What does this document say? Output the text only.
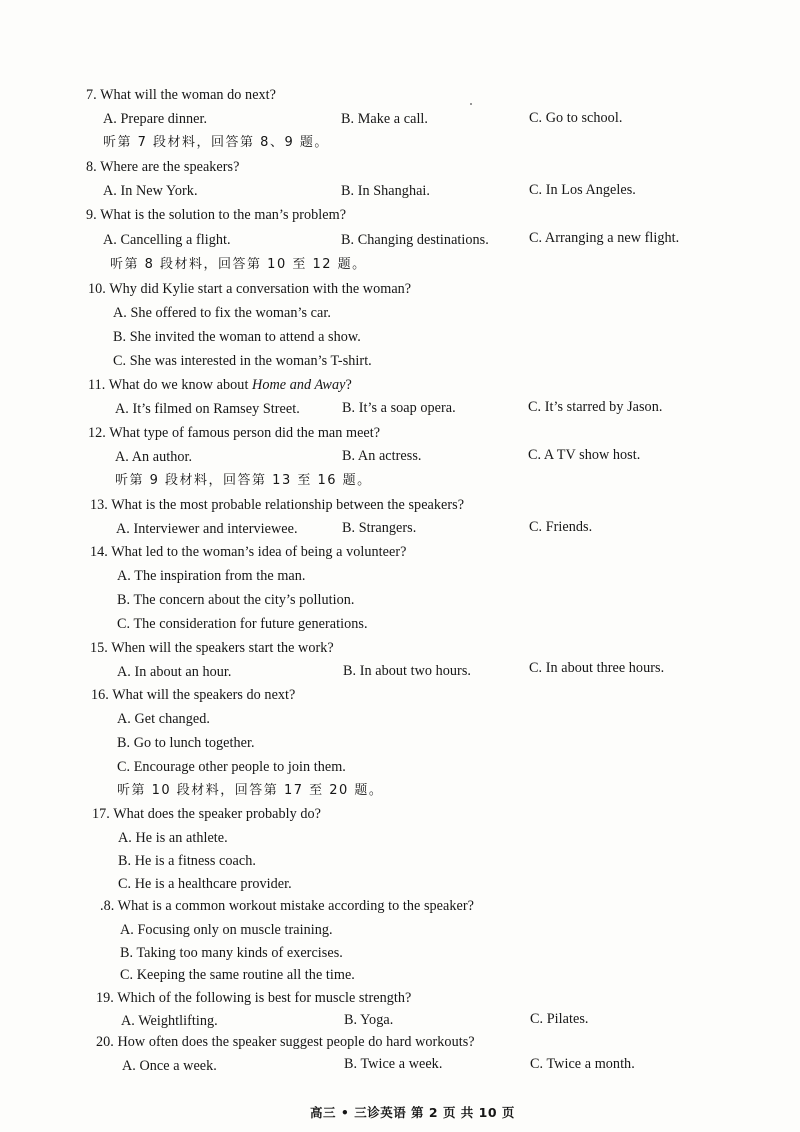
7. What will the woman do next?
A. Prepare dinner.	B. Make a call.	C. Go to school.
听第 7 段材料，回答第 8、9 题。
8. Where are the speakers?
A. In New York.	B. In Shanghai.	C. In Los Angeles.
9. What is the solution to the man’s problem?
A. Cancelling a flight.	B. Changing destinations.	C. Arranging a new flight.
听第 8 段材料，回答第 10 至 12 题。
10. Why did Kylie start a conversation with the woman?
A. She offered to fix the woman’s car.
B. She invited the woman to attend a show.
C. She was interested in the woman’s T-shirt.
11. What do we know about Home and Away?
A. It’s filmed on Ramsey Street.	B. It’s a soap opera.	C. It’s starred by Jason.
12. What type of famous person did the man meet?
A. An author.	B. An actress.	C. A TV show host.
听第 9 段材料，回答第 13 至 16 题。
13. What is the most probable relationship between the speakers?
A. Interviewer and interviewee.	B. Strangers.	C. Friends.
14. What led to the woman’s idea of being a volunteer?
A. The inspiration from the man.
B. The concern about the city’s pollution.
C. The consideration for future generations.
15. When will the speakers start the work?
A. In about an hour.	B. In about two hours.	C. In about three hours.
16. What will the speakers do next?
A. Get changed.
B. Go to lunch together.
C. Encourage other people to join them.
听第 10 段材料，回答第 17 至 20 题。
17. What does the speaker probably do?
A. He is an athlete.
B. He is a fitness coach.
C. He is a healthcare provider.
.8. What is a common workout mistake according to the speaker?
A. Focusing only on muscle training.
B. Taking too many kinds of exercises.
C. Keeping the same routine all the time.
19. Which of the following is best for muscle strength?
A. Weightlifting.	B. Yoga.	C. Pilates.
20. How often does the speaker suggest people do hard workouts?
A. Once a week.	B. Twice a week.	C. Twice a month.
高三 • 三诊英语 第 2 页 共 10 页
